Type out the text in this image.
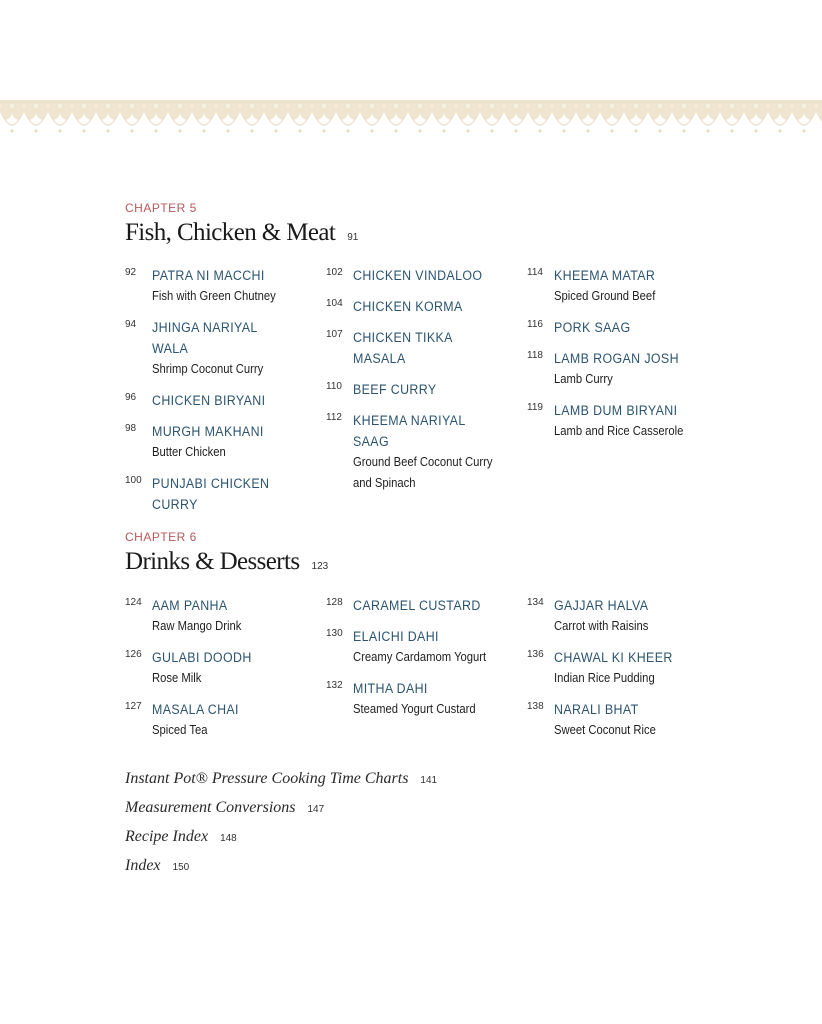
CHAPTER 5
Fish, Chicken & Meat 91
92 PATRA NI MACCHI
Fish with Green Chutney
94 JHINGA NARIYAL WALA
Shrimp Coconut Curry
96 CHICKEN BIRYANI
98 MURGH MAKHANI
Butter Chicken
100 PUNJABI CHICKEN CURRY
102 CHICKEN VINDALOO
104 CHICKEN KORMA
107 CHICKEN TIKKA MASALA
110 BEEF CURRY
112 KHEEMA NARIYAL SAAG
Ground Beef Coconut Curry and Spinach
114 KHEEMA MATAR
Spiced Ground Beef
116 PORK SAAG
118 LAMB ROGAN JOSH
Lamb Curry
119 LAMB DUM BIRYANI
Lamb and Rice Casserole
CHAPTER 6
Drinks & Desserts 123
124 AAM PANHA
Raw Mango Drink
126 GULABI DOODH
Rose Milk
127 MASALA CHAI
Spiced Tea
128 CARAMEL CUSTARD
130 ELAICHI DAHI
Creamy Cardamom Yogurt
132 MITHA DAHI
Steamed Yogurt Custard
134 GAJJAR HALVA
Carrot with Raisins
136 CHAWAL KI KHEER
Indian Rice Pudding
138 NARALI BHAT
Sweet Coconut Rice
Instant Pot® Pressure Cooking Time Charts 141
Measurement Conversions 147
Recipe Index 148
Index 150
